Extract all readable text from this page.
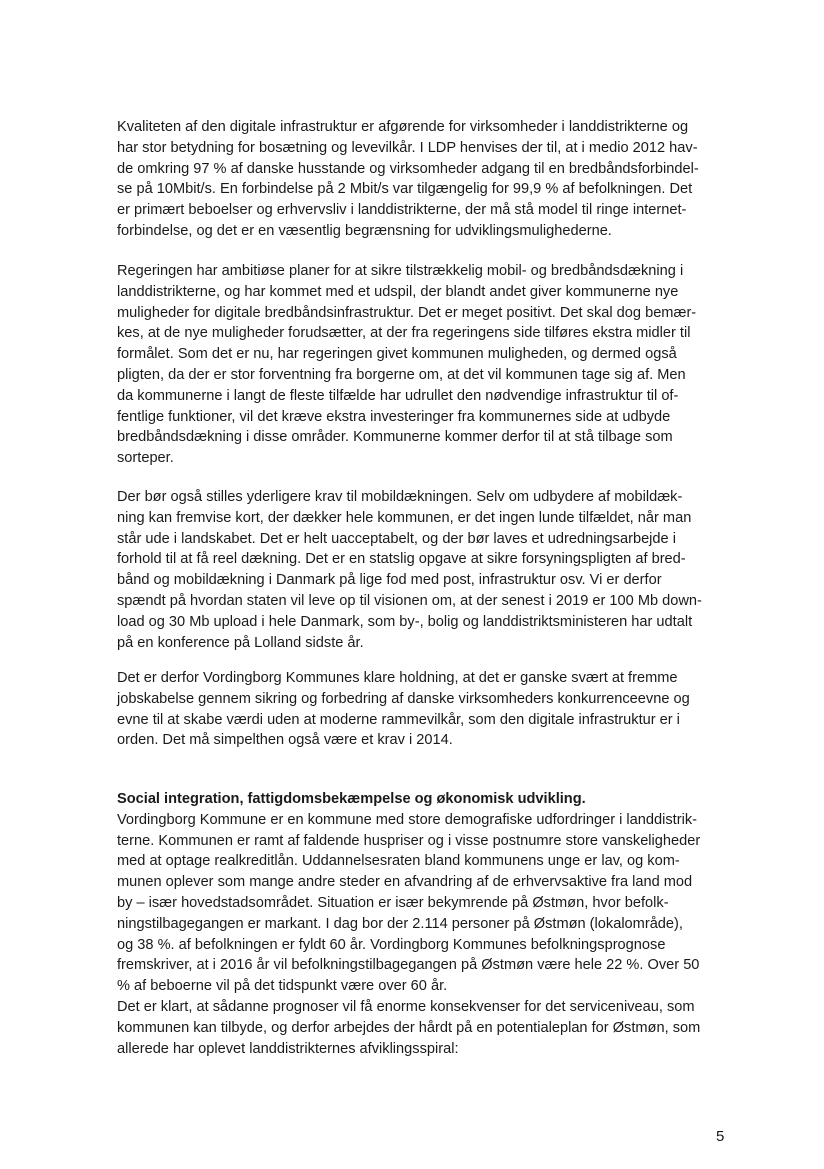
Kvaliteten af den digitale infrastruktur er afgørende for virksomheder i landdistrikterne og
har stor betydning for bosætning og levevilkår. I LDP henvises der til, at i medio 2012 hav-
de omkring 97 % af danske husstande og virksomheder adgang til en bredbåndsforbindel-
se på 10Mbit/s. En forbindelse på 2 Mbit/s var tilgængelig for 99,9 % af befolkningen. Det
er primært beboelser og erhvervsliv i landdistrikterne, der må stå model til ringe internet-
forbindelse, og det er en væsentlig begrænsning for udviklingsmulighederne.
Regeringen har ambitiøse planer for at sikre tilstrækkelig mobil- og bredbåndsdækning i
landdistrikterne, og har kommet med et udspil, der blandt andet giver kommunerne nye
muligheder for digitale bredbåndsinfrastruktur. Det er meget positivt. Det skal dog bemær-
kes, at de nye muligheder forudsætter, at der fra regeringens side tilføres ekstra midler til
formålet. Som det er nu, har regeringen givet kommunen muligheden, og dermed også
pligten, da der er stor forventning fra borgerne om, at det vil kommunen tage sig af. Men
da kommunerne i langt de fleste tilfælde har udrullet den nødvendige infrastruktur til of-
fentlige funktioner, vil det kræve ekstra investeringer fra kommunernes side at udbyde
bredbåndsdækning i disse områder. Kommunerne kommer derfor til at stå tilbage som
sorteper.
Der bør også stilles yderligere krav til mobildækningen. Selv om udbydere af mobildæk-
ning kan fremvise kort, der dækker hele kommunen, er det ingen lunde tilfældet, når man
står ude i landskabet. Det er helt uacceptabelt, og der bør laves et udredningsarbejde i
forhold til at få reel dækning. Det er en statslig opgave at sikre forsyningspligten af bred-
bånd og mobildækning i Danmark på lige fod med post, infrastruktur osv. Vi er derfor
spændt på hvordan staten vil leve op til visionen om, at der senest i 2019 er 100 Mb down-
load og 30 Mb upload i hele Danmark, som by-, bolig og landdistriktsministeren har udtalt
på en konference på Lolland sidste år.
Det er derfor Vordingborg Kommunes klare holdning, at det er ganske svært at fremme
jobskabelse gennem sikring og forbedring af danske virksomheders konkurrenceevne og
evne til at skabe værdi uden at moderne rammevilkår, som den digitale infrastruktur er i
orden. Det må simpelthen også være et krav i 2014.
Social integration, fattigdomsbekæmpelse og økonomisk udvikling.
Vordingborg Kommune er en kommune med store demografiske udfordringer i landdistrik-
terne. Kommunen er ramt af faldende huspriser og i visse postnumre store vanskeligheder
med at optage realkreditlån. Uddannelsesraten bland kommunens unge er lav, og kom-
munen oplever som mange andre steder en afvandring af de erhvervsaktive fra land mod
by – især hovedstadsområdet. Situation er især bekymrende på Østmøn, hvor befolk-
ningstilbagegangen er markant. I dag bor der 2.114 personer på Østmøn (lokalområde),
og 38 %. af befolkningen er fyldt 60 år. Vordingborg Kommunes befolkningsprognose
fremskriver, at i 2016 år vil befolkningstilbagegangen på Østmøn være hele 22 %. Over 50
% af beboerne vil på det tidspunkt være over 60 år.
Det er klart, at sådanne prognoser vil få enorme konsekvenser for det serviceniveau, som
kommunen kan tilbyde, og derfor arbejdes der hårdt på en potentialeplan for Østmøn, som
allerede har oplevet landdistrikternes afviklingsspiral:
5
